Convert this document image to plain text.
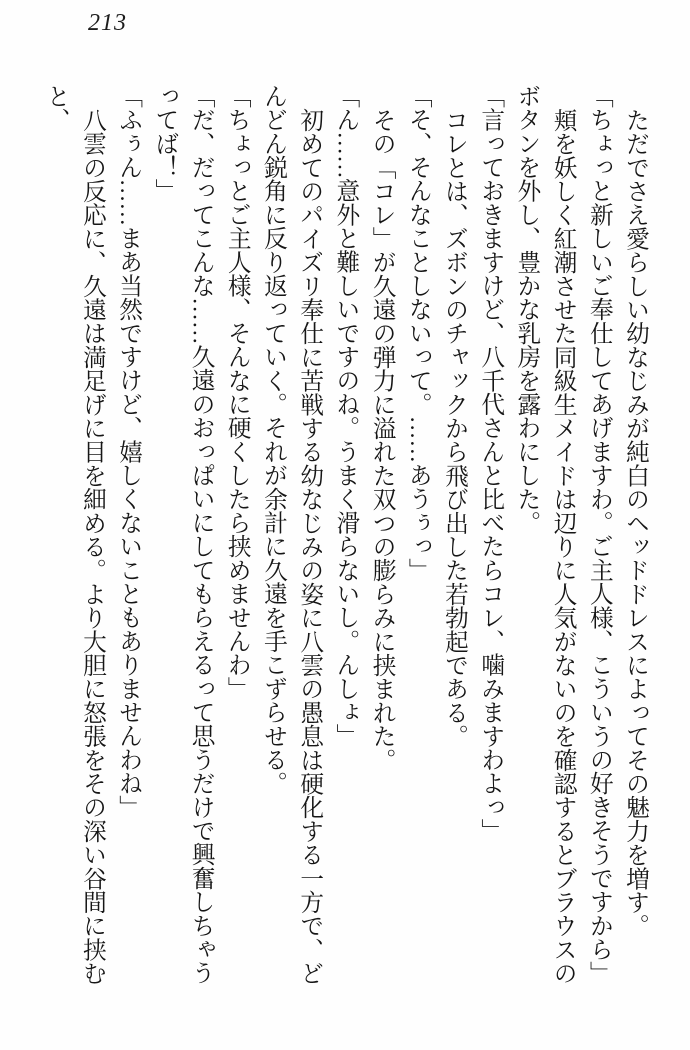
213

ただでさえ愛らしい幼なじみが純白のヘッドドレスによってその魅力を増す。

「ちょっと新しいご奉仕してあげますわ。ご主人様、こういうの好きそうですから」

頬を妖しく紅潮させた同級生メイドは辺りに人気がないのを確認するとブラウスのボタンを外し、豊かな乳房を露わにした。

「言っておきますけど、八千代さんと比べたらコレ、噛みますわよっ」

コレとは、ズボンのチャックから飛び出した若勃起である。

「そ、そんなことしないって。……あうぅっ」

その「コレ」が久遠の弾力に溢れた双つの膨らみに挟まれた。

「ん……意外と難しいですのね。うまく滑らないし。んしょ」

初めてのパイズリ奉仕に苦戦する幼なじみの姿に八雲の愚息は硬化する一方で、どんどん鋭角に反り返っていく。それが余計に久遠を手こずらせる。

「ちょっとご主人様、そんなに硬くしたら挟めませんわ」

「だ、だってこんな……久遠のおっぱいにしてもらえるって思うだけで興奮しちゃうってば！」

「ふぅん……まあ当然ですけど、嬉しくないこともありませんわね」

八雲の反応に、久遠は満足げに目を細める。より大胆に怒張をその深い谷間に挟むと、
